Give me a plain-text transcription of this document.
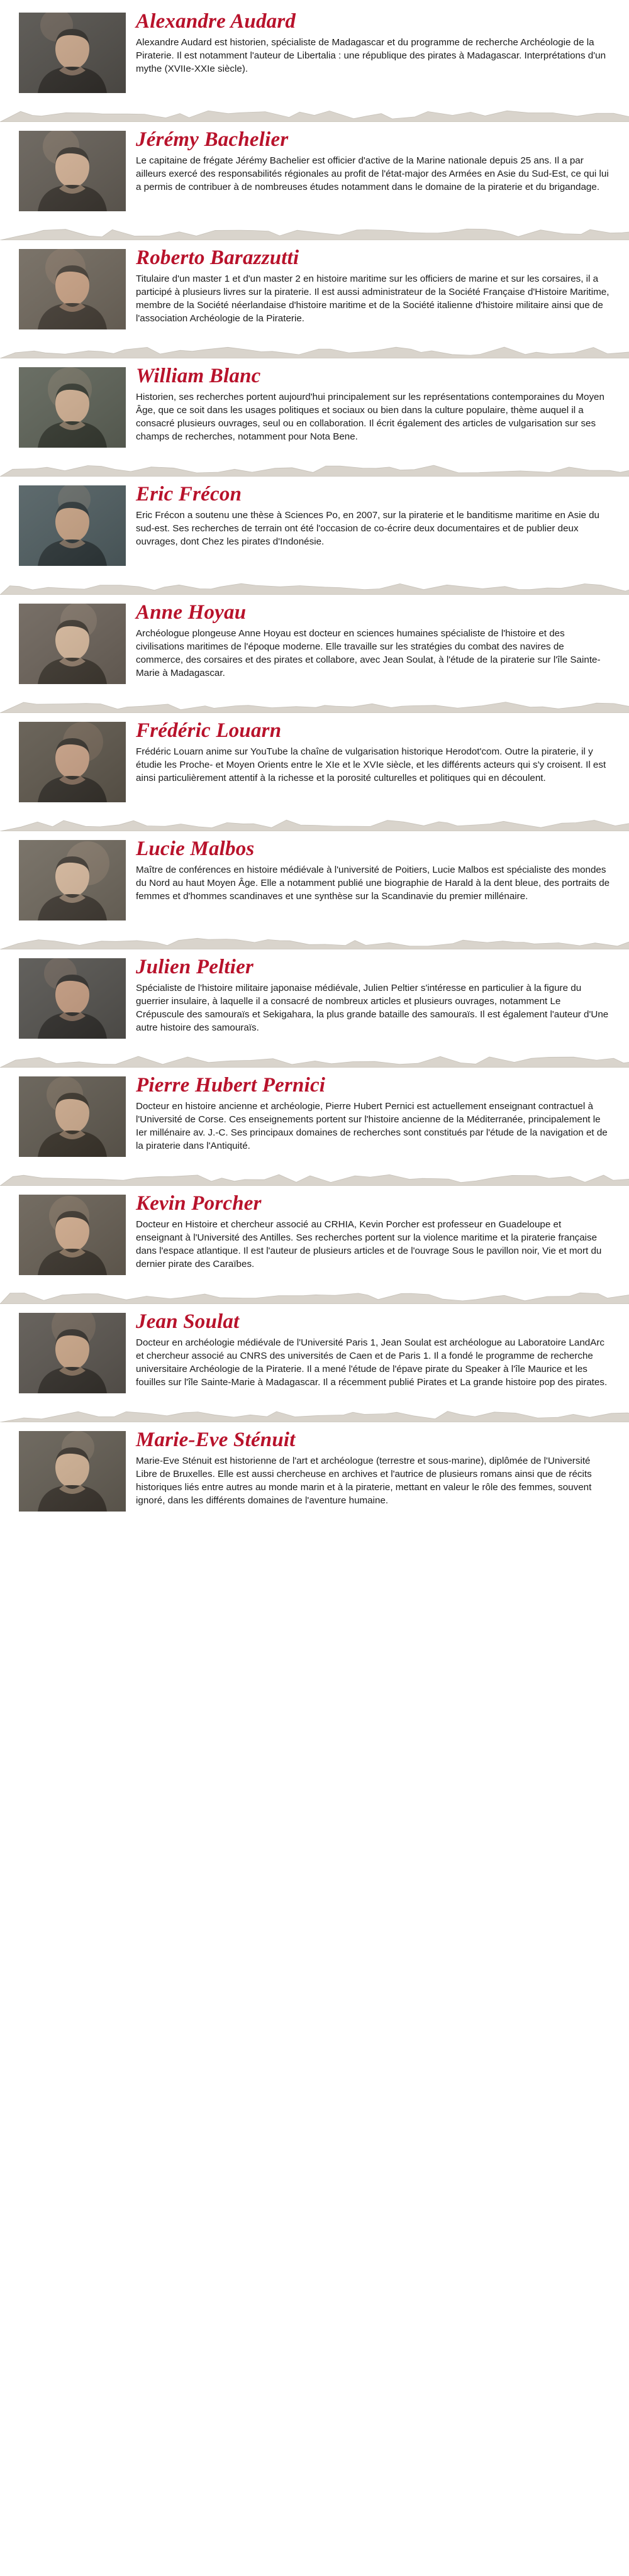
Alexandre Audard

Alexandre Audard est historien, spécialiste de Madagascar et du programme de recherche Archéologie de la Piraterie. Il est notamment l'auteur de Libertalia : une république des pirates à Madagascar. Interprétations d'un mythe (XVIIe-XXIe siècle).

Jérémy Bachelier

Le capitaine de frégate Jérémy Bachelier est officier d'active de la Marine nationale depuis 25 ans. Il a par ailleurs exercé des responsabilités régionales au profit de l'état-major des Armées en Asie du Sud-Est, ce qui lui a permis de contribuer à de nombreuses études notamment dans le domaine de la piraterie et du brigandage.

Roberto Barazzutti

Titulaire d'un master 1 et d'un master 2 en histoire maritime sur les officiers de marine et sur les corsaires, il a participé à plusieurs livres sur la piraterie. Il est aussi administrateur de la Société Française d'Histoire Maritime, membre de la Société néerlandaise d'histoire maritime et de la Société italienne d'histoire militaire ainsi que de l'association Archéologie de la Piraterie.

William Blanc

Historien, ses recherches portent aujourd'hui principalement sur les représentations contemporaines du Moyen Âge, que ce soit dans les usages politiques et sociaux ou bien dans la culture populaire, thème auquel il a consacré plusieurs ouvrages, seul ou en collaboration. Il écrit également des articles de vulgarisation sur ses champs de recherches, notamment pour Nota Bene.

Eric Frécon

Eric Frécon a soutenu une thèse à Sciences Po, en 2007, sur la piraterie et le banditisme maritime en Asie du sud-est. Ses recherches de terrain ont été l'occasion de co-écrire deux documentaires et de publier deux ouvrages, dont Chez les pirates d'Indonésie.

Anne Hoyau

Archéologue plongeuse Anne Hoyau est docteur en sciences humaines spécialiste de l'histoire et des civilisations maritimes de l'époque moderne. Elle travaille sur les stratégies du combat des navires de commerce, des corsaires et des pirates et collabore, avec Jean Soulat, à l'étude de la piraterie sur l'île Sainte-Marie à Madagascar.

Frédéric Louarn

Frédéric Louarn anime sur YouTube la chaîne de vulgarisation historique Herodot'com. Outre la piraterie, il y étudie les Proche- et Moyen Orients entre le XIe et le XVIe siècle, et les différents acteurs qui s'y croisent. Il est ainsi particulièrement attentif à la richesse et la porosité culturelles et politiques qui en découlent.

Lucie Malbos

Maître de conférences en histoire médiévale à l'université de Poitiers, Lucie Malbos est spécialiste des mondes du Nord au haut Moyen Âge. Elle a notamment publié une biographie de Harald à la dent bleue, des portraits de femmes et d'hommes scandinaves et une synthèse sur la Scandinavie du premier millénaire.

Julien Peltier

Spécialiste de l'histoire militaire japonaise médiévale, Julien Peltier s'intéresse en particulier à la figure du guerrier insulaire, à laquelle il a consacré de nombreux articles et plusieurs ouvrages, notamment Le Crépuscule des samouraïs et Sekigahara, la plus grande bataille des samouraïs. Il est également l'auteur d'Une autre histoire des samouraïs.

Pierre Hubert Pernici

Docteur en histoire ancienne et archéologie, Pierre Hubert Pernici est actuellement enseignant contractuel à l'Université de Corse. Ces enseignements portent sur l'histoire ancienne de la Méditerranée, principalement le Ier millénaire av. J.-C. Ses principaux domaines de recherches sont constitués par l'étude de la navigation et de la piraterie dans l'Antiquité.

Kevin Porcher

Docteur en Histoire et chercheur associé au CRHIA, Kevin Porcher est professeur en Guadeloupe et enseignant à l'Université des Antilles. Ses recherches portent sur la violence maritime et la piraterie française dans l'espace atlantique. Il est l'auteur de plusieurs articles et de l'ouvrage Sous le pavillon noir, Vie et mort du dernier pirate des Caraïbes.

Jean Soulat

Docteur en archéologie médiévale de l'Université Paris 1, Jean Soulat est archéologue au Laboratoire LandArc et chercheur associé au CNRS des universités de Caen et de Paris 1. Il a fondé le programme de recherche universitaire Archéologie de la Piraterie. Il a mené l'étude de l'épave pirate du Speaker à l'île Maurice et les fouilles sur l'île Sainte-Marie à Madagascar. Il a récemment publié Pirates et La grande histoire pop des pirates.

Marie-Eve Sténuit

Marie-Eve Sténuit est historienne de l'art et archéologue (terrestre et sous-marine), diplômée de l'Université Libre de Bruxelles. Elle est aussi chercheuse en archives et l'autrice de plusieurs romans ainsi que de récits historiques liés entre autres au monde marin et à la piraterie, mettant en valeur le rôle des femmes, souvent ignoré, dans les différents domaines de l'aventure humaine.
